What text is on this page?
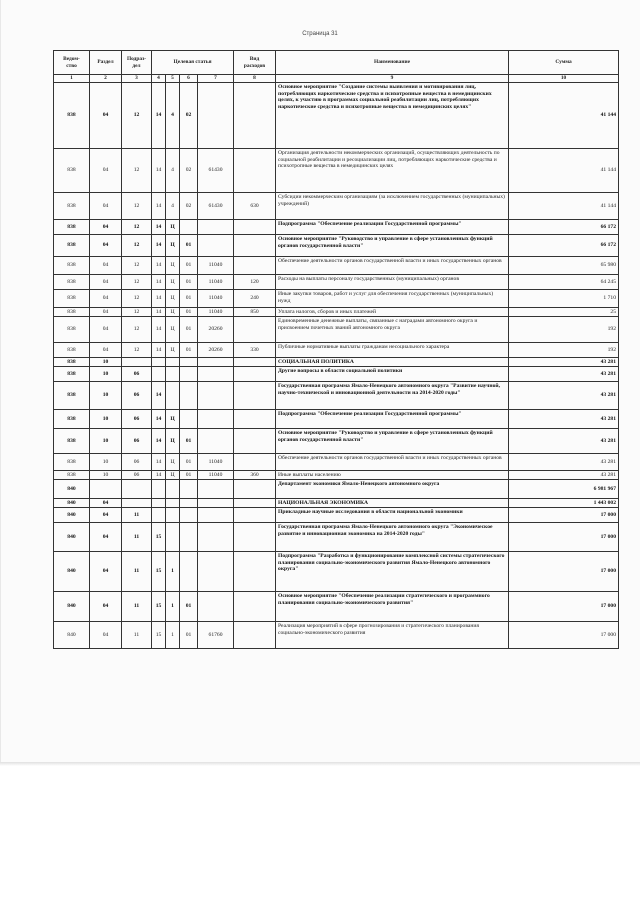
Страница 31
Ведом-
ство	Раздел	Подраз-
дел	Целевая статья				Вид
расходов	Наименование	Сумма
1	2	3	4	5	6	7	8	9	10
838	04	12	14	4	02			Основное мероприятие "Создание системы выявления и мотивирования лиц, потребляющих наркотические средства и психотропные вещества в немедицинских целях, к участию в программах социальной реабилитации лиц, потребляющих наркотические средства и психотропные вещества в немедицинских целях"	41 144
838	04	12	14	4	02	61430		Организация деятельности некоммерческих организаций, осуществляющих деятельность по социальной реабилитации и ресоциализации лиц, потребляющих наркотические средства и психотропные вещества в немедицинских целях	41 144
838	04	12	14	4	02	61430	630	Субсидии некоммерческим организациям (за исключением государственных (муниципальных) учреждений)	41 144
838	04	12	14	Ц				Подпрограмма "Обеспечение реализации Государственной программы"	66 172
838	04	12	14	Ц	01			Основное мероприятие "Руководство и управление в сфере установленных функций органов государственной власти"	66 172
838	04	12	14	Ц	01	11040		Обеспечение деятельности органов государственной власти и иных государственных органов	65 980
838	04	12	14	Ц	01	11040	120	Расходы на выплаты персоналу государственных (муниципальных) органов	64 245
838	04	12	14	Ц	01	11040	240	Иные закупки товаров, работ и услуг для обеспечения государственных (муниципальных) нужд	1 710
838	04	12	14	Ц	01	11040	850	Уплата налогов, сборов и иных платежей	25
838	04	12	14	Ц	01	20260		Единовременные денежные выплаты, связанные с наградами автономного округа и присвоением почетных званий автономного округа	192
838	04	12	14	Ц	01	20260	330	Публичные нормативные выплаты гражданам несоциального характера	192
838	10							СОЦИАЛЬНАЯ ПОЛИТИКА	43 281
838	10	06						Другие вопросы в области социальной политики	43 281
838	10	06	14					Государственная программа Ямало-Ненецкого автономного округа "Развитие научной, научно-технической и инновационной деятельности на 2014-2020 годы"	43 281
838	10	06	14	Ц				Подпрограмма "Обеспечение реализации Государственной программы"	43 281
838	10	06	14	Ц	01			Основное мероприятие "Руководство и управление в сфере установленных функций органов государственной власти"	43 281
838	10	06	14	Ц	01	11040		Обеспечение деятельности органов государственной власти и иных государственных органов	43 281
838	10	06	14	Ц	01	11040	360	Иные выплаты населению	43 281
840								Департамент экономики Ямало-Ненецкого автономного округа	6 981 967
840	04							НАЦИОНАЛЬНАЯ ЭКОНОМИКА	1 443 002
840	04	11						Прикладные научные исследования в области национальной экономики	17 000
840	04	11	15					Государственная программа Ямало-Ненецкого автономного округа "Экономическое развитие и инновационная экономика на 2014-2020 годы"	17 000
840	04	11	15	1				Подпрограмма "Разработка и функционирование комплексной системы стратегического планирования социально-экономического развития Ямало-Ненецкого автономного округа"	17 000
840	04	11	15	1	01			Основное мероприятие "Обеспечение реализации стратегического и программного планирования социально-экономического развития"	17 000
840	04	11	15	1	01	61760		Реализация мероприятий в сфере прогнозирования и стратегического планирования социально-экономического развития	17 000
